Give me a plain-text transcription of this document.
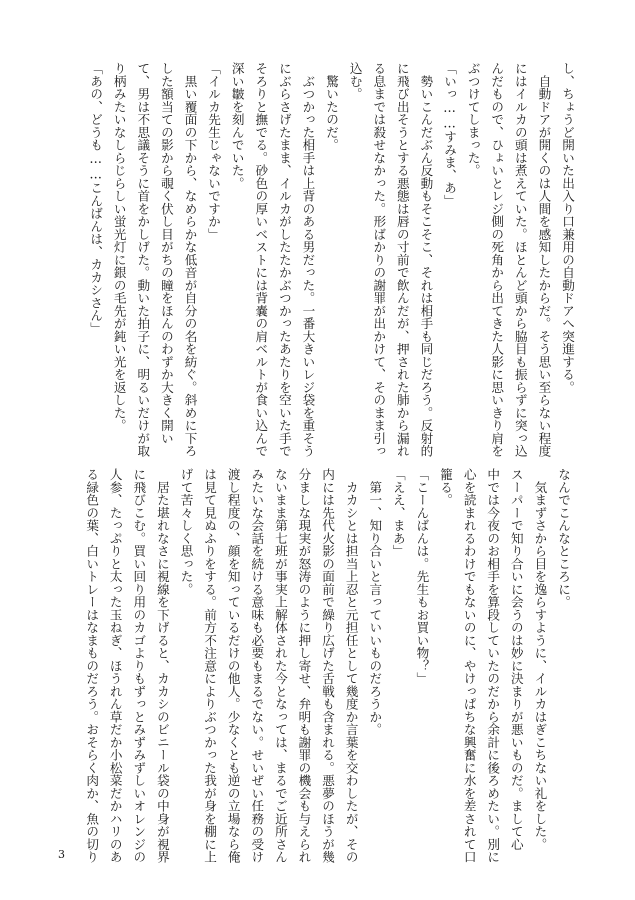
し、ちょうど開いた出入り口兼用の自動ドアへ突進する。
　自動ドアが開くのは人間を感知したからだ。そう思い至らない程度
にはイルカの頭は煮えていた。ほとんど頭から脇目も振らずに突っ込
んだもので、ひょいとレジ側の死角から出てきた人影に思いきり肩を
ぶつけてしまった。
「いっ……すみま、あ」
　勢いこんだぶん反動もそこそこ、それは相手も同じだろう。反射的
に飛び出そうとする悪態は唇の寸前で飲んだが、押された肺から漏れ
る息までは殺せなかった。形ばかりの謝罪が出かけて、そのまま引っ
込む。
　驚いたのだ。
　ぶつかった相手は上背のある男だった。一番大きいレジ袋を重そう
にぶらさげたまま、イルカがしたたかぶつかったあたりを空いた手で
そろりと撫でる。砂色の厚いベストには背嚢の肩ベルトが食い込んで
深い皺を刻んでいた。
「イルカ先生じゃないですか」
　黒い覆面の下から、なめらかな低音が自分の名を紡ぐ。斜めに下ろ
した額当ての影から覗く伏し目がちの瞳をほんのわずか大きく開い
て、男は不思議そうに首をかしげた。動いた拍子に、明るいだけが取
り柄みたいなしらじらしい蛍光灯に銀の毛先が鈍い光を返した。
「あの、どうも……こんばんは、カカシさん」
なんでこんなところに。
　気まずさから目を逸らすように、イルカはぎこちない礼をした。
スーパーで知り合いに会うのは妙に決まりが悪いものだ。まして心
中では今夜のお相手を算段していたのだから余計に後ろめたい。別に
心を読まれるわけでもないのに、やけっぱちな興奮に水を差されて口
籠る。
「こーんばんは。先生もお買い物？」
「ええ、まあ」
　第一、知り合いと言っていいものだろうか。
　カカシとは担当上忍と元担任として幾度か言葉を交わしたが、その
内には先代火影の面前で繰り広げた舌戦も含まれる。悪夢のほうが幾
分ましな現実が怒涛のように押し寄せ、弁明も謝罪の機会も与えられ
ないまま第七班が事実上解体された今となっては、まるでご近所さん
みたいな会話を続ける意味も必要もまるでない。せいぜい任務の受け
渡し程度の、顔を知っているだけの他人。少なくとも逆の立場なら俺
は見て見ぬふりをする。前方不注意によりぶつかった我が身を棚に上
げて苦々しく思った。
　居た堪れなさに視線を下げると、カカシのビニール袋の中身が視界
に飛びこむ。買い回り用のカゴよりもずっとみずみずしいオレンジの
人参、たっぷりと太った玉ねぎ、ほうれん草だか小松菜だかハリのあ
る緑色の葉、白いトレーはなまものだろう。おそらく肉か、魚の切り
3
